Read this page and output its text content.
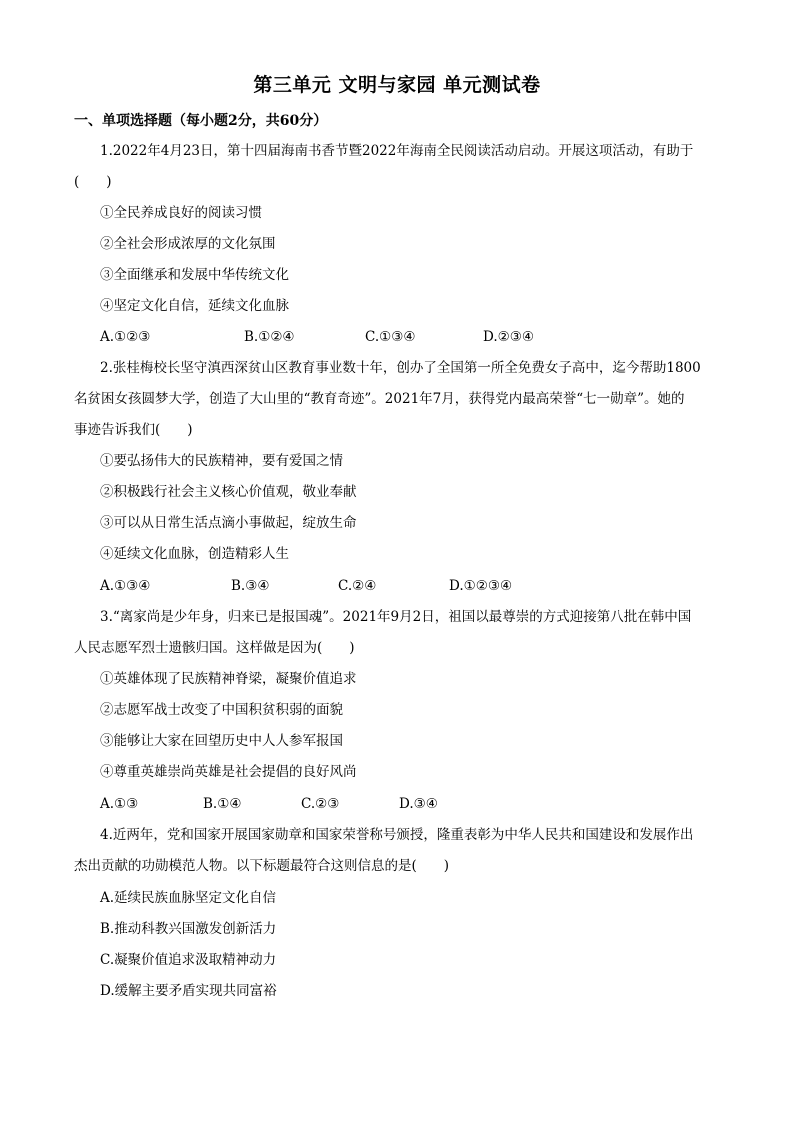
第三单元 文明与家园 单元测试卷
一、单项选择题（每小题2分，共60分）
1.2022年4月23日，第十四届海南书香节暨2022年海南全民阅读活动启动。开展这项活动，有助于
(　　)
①全民养成良好的阅读习惯
②全社会形成浓厚的文化氛围
③全面继承和发展中华传统文化
④坚定文化自信，延续文化血脉
A.①②③	B.①②④	C.①③④	D.②③④
2.张桂梅校长坚守滇西深贫山区教育事业数十年，创办了全国第一所全免费女子高中，迄今帮助1800
名贫困女孩圆梦大学，创造了大山里的“教育奇迹”。2021年7月，获得党内最高荣誉“七一勋章”。她的
事迹告诉我们(　　)
①要弘扬伟大的民族精神，要有爱国之情
②积极践行社会主义核心价值观，敬业奉献
③可以从日常生活点滴小事做起，绽放生命
④延续文化血脉，创造精彩人生
A.①③④	B.③④	C.②④	D.①②③④
3.“离家尚是少年身，归来已是报国魂”。2021年9月2日，祖国以最尊崇的方式迎接第八批在韩中国
人民志愿军烈士遗骸归国。这样做是因为(　　)
①英雄体现了民族精神脊梁，凝聚价值追求
②志愿军战士改变了中国积贫积弱的面貌
③能够让大家在回望历史中人人参军报国
④尊重英雄崇尚英雄是社会提倡的良好风尚
A.①③	B.①④	C.②③	D.③④
4.近两年，党和国家开展国家勋章和国家荣誉称号颁授，隆重表彰为中华人民共和国建设和发展作出
杰出贡献的功勋模范人物。以下标题最符合这则信息的是(　　)
A.延续民族血脉坚定文化自信
B.推动科教兴国激发创新活力
C.凝聚价值追求汲取精神动力
D.缓解主要矛盾实现共同富裕
